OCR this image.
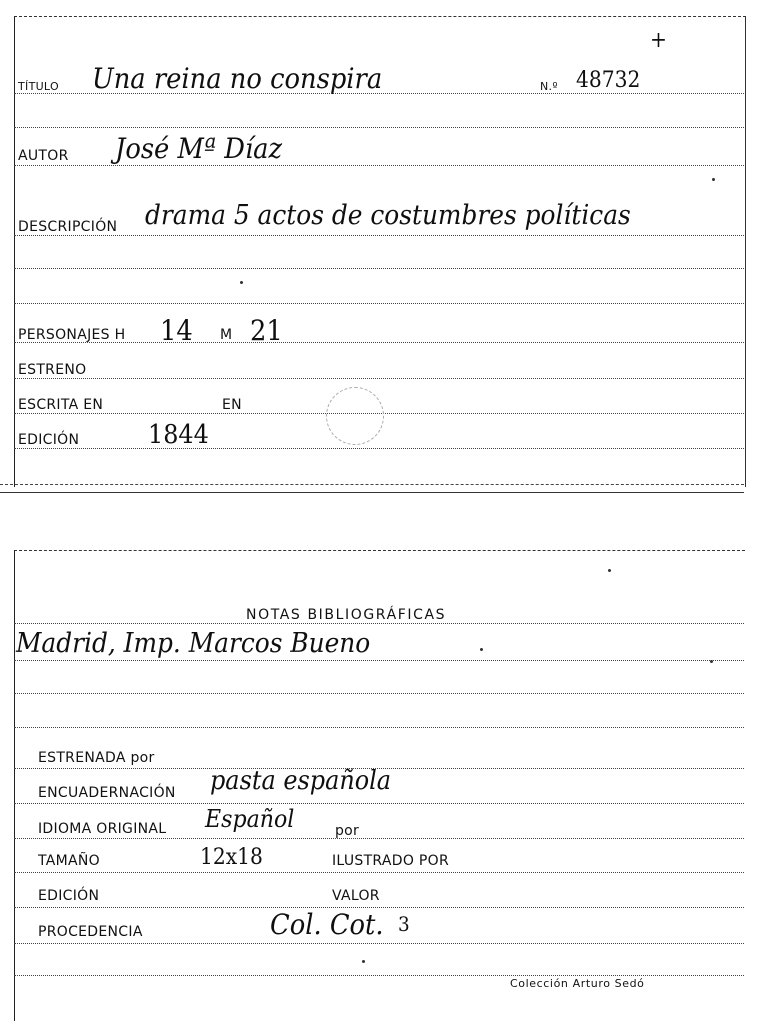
+
TÍTULO Una reina no conspira	N.º 48732
AUTOR José Mª Díaz
DESCRIPCIÓN drama 5 actos de costumbres políticas
PERSONAJES H 14 M 21
ESTRENO
ESCRITA EN	EN
EDICIÓN	1844
NOTAS BIBLIOGRÁFICAS
Madrid, Imp. Marcos Bueno
ESTRENADA por
ENCUADERNACIÓN pasta española
IDIOMA ORIGINAL Español	por
TAMAÑO	12x18	ILUSTRADO POR
EDICIÓN	VALOR
PROCEDENCIA	Col. Cot. 3
Colección Arturo Sedó
